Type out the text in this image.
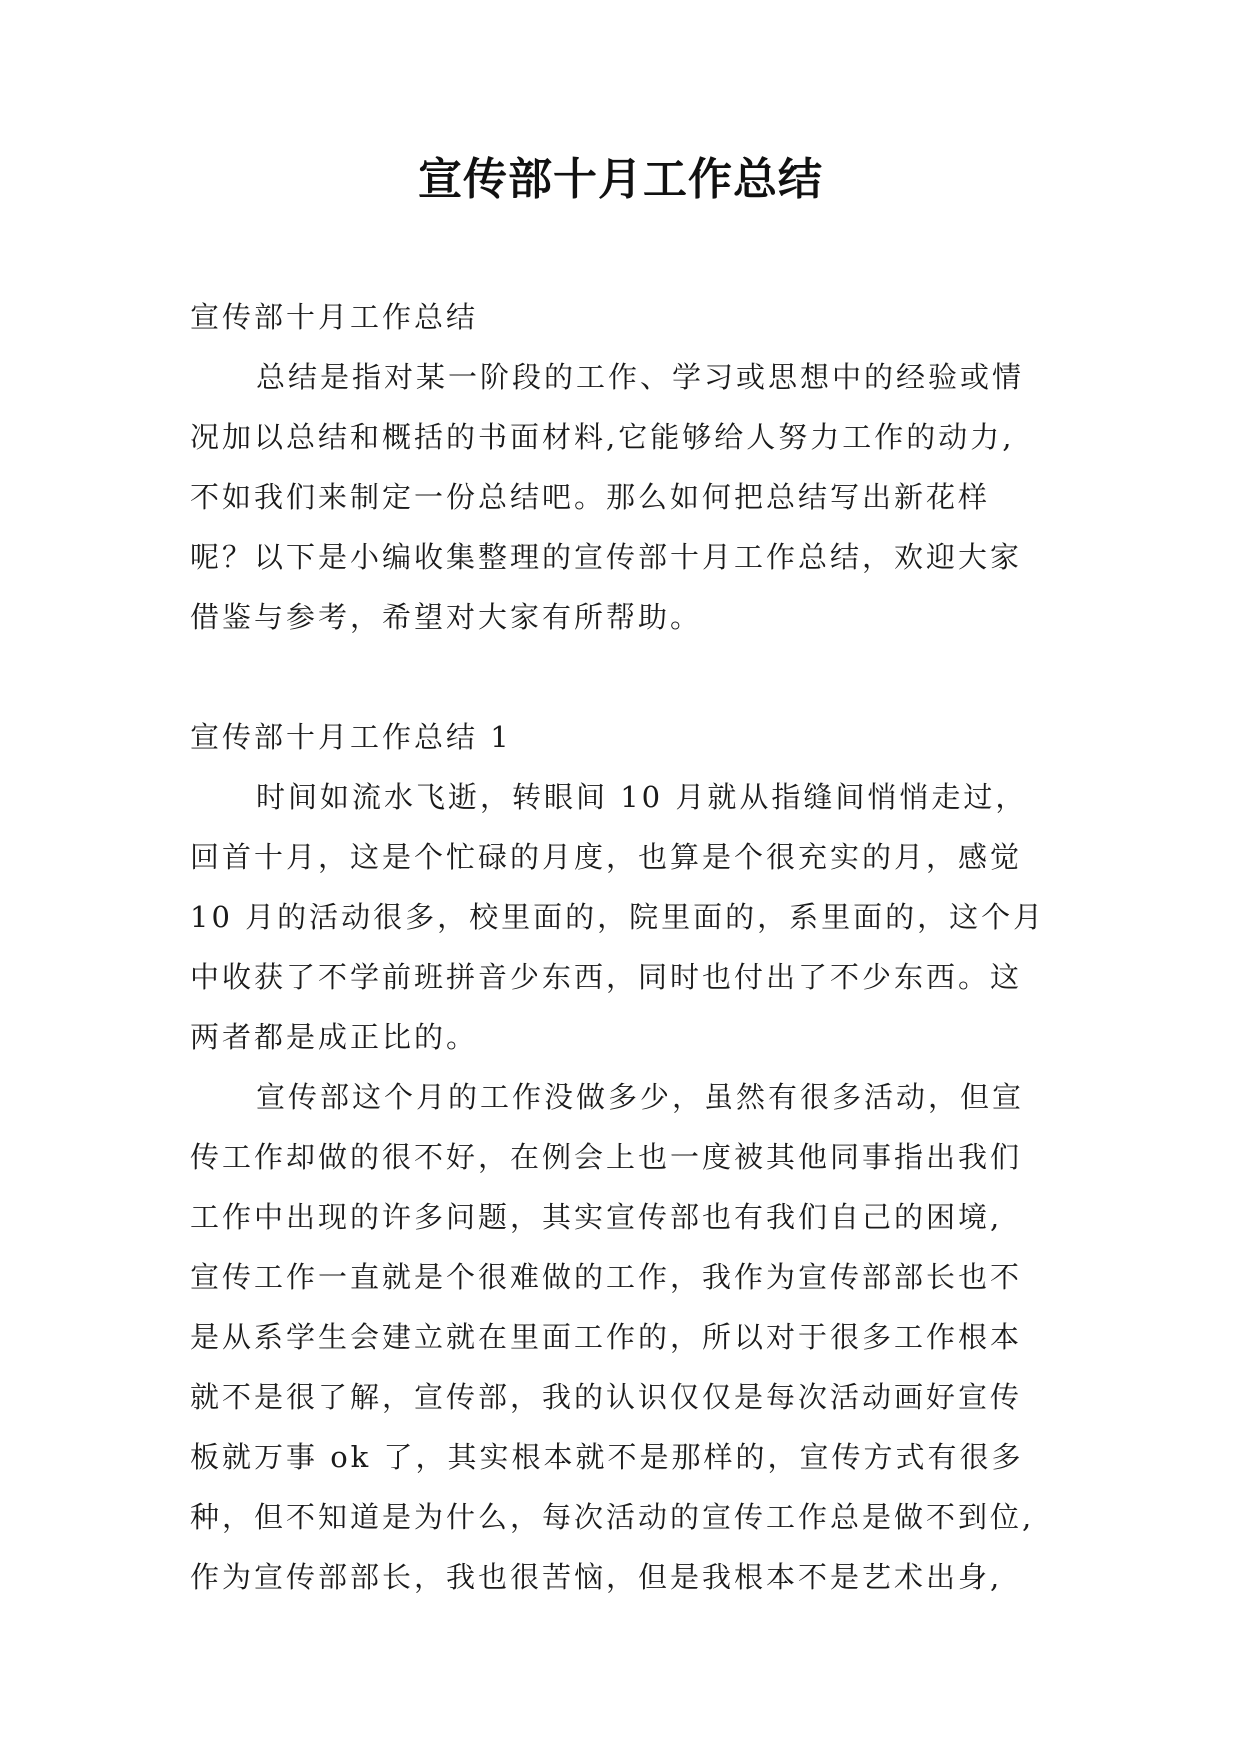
宣传部十月工作总结

宣传部十月工作总结

总结是指对某一阶段的工作、学习或思想中的经验或情

况加以总结和概括的书面材料,它能够给人努力工作的动力,

不如我们来制定一份总结吧。那么如何把总结写出新花样

呢？以下是小编收集整理的宣传部十月工作总结，欢迎大家

借鉴与参考，希望对大家有所帮助。

宣传部十月工作总结 1

时间如流水飞逝，转眼间 10 月就从指缝间悄悄走过，

回首十月，这是个忙碌的月度，也算是个很充实的月，感觉

10 月的活动很多，校里面的，院里面的，系里面的，这个月

中收获了不学前班拼音少东西，同时也付出了不少东西。这

两者都是成正比的。

宣传部这个月的工作没做多少，虽然有很多活动，但宣

传工作却做的很不好，在例会上也一度被其他同事指出我们

工作中出现的许多问题，其实宣传部也有我们自己的困境,

宣传工作一直就是个很难做的工作，我作为宣传部部长也不

是从系学生会建立就在里面工作的，所以对于很多工作根本

就不是很了解，宣传部，我的认识仅仅是每次活动画好宣传

板就万事 ok 了，其实根本就不是那样的，宣传方式有很多

种，但不知道是为什么，每次活动的宣传工作总是做不到位,

作为宣传部部长，我也很苦恼，但是我根本不是艺术出身,
